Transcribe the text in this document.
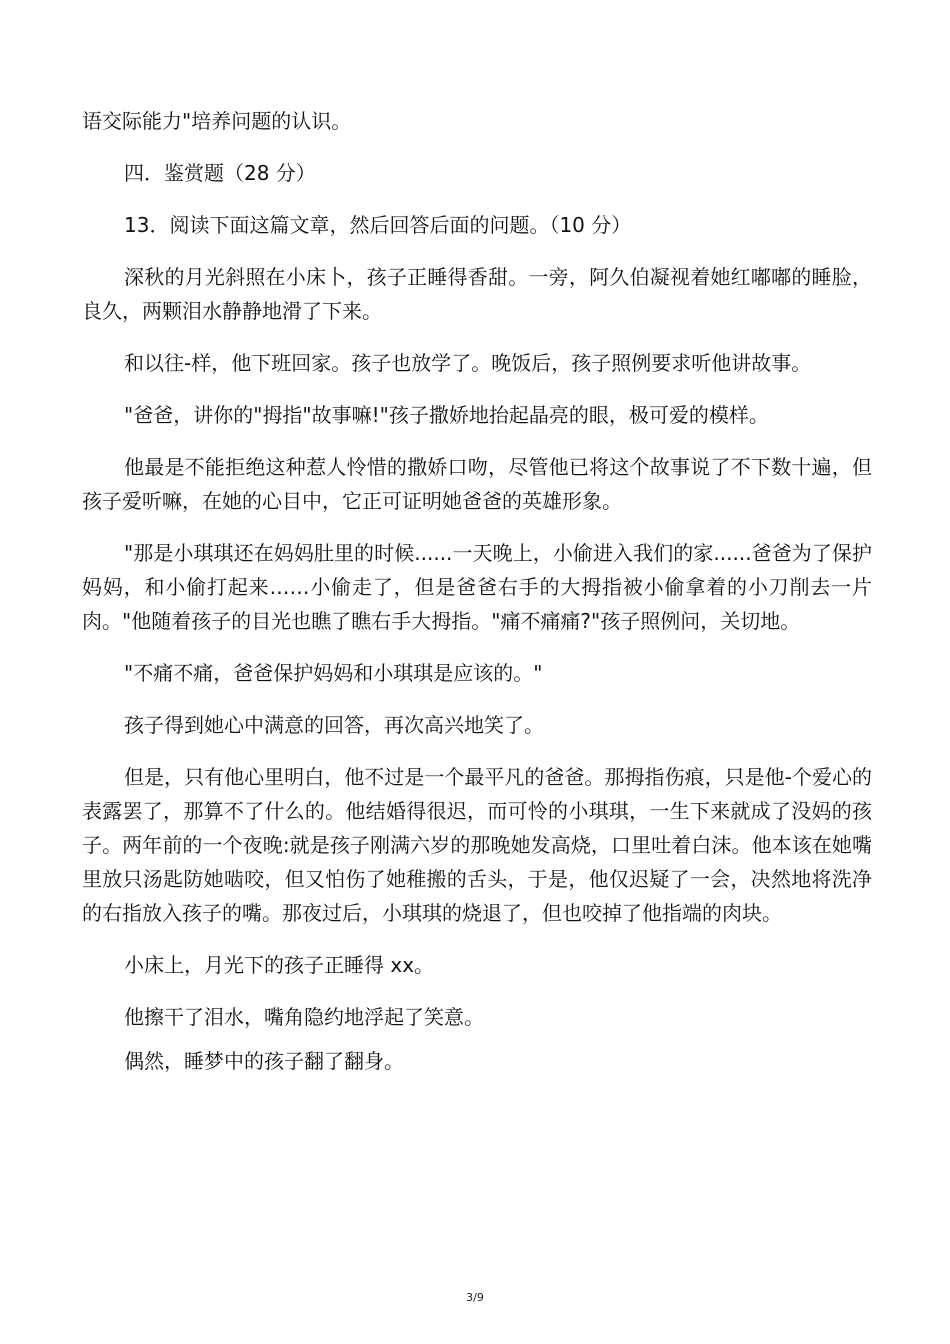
语交际能力"培养问题的认识。

四．鉴赏题（28 分）

13．阅读下面这篇文章，然后回答后面的问题。（10 分）

深秋的月光斜照在小床卜，孩子正睡得香甜。一旁，阿久伯凝视着她红嘟嘟的睡脸，良久，两颗泪水静静地滑了下来。

和以往-样，他下班回家。孩子也放学了。晚饭后，孩子照例要求听他讲故事。

"爸爸，讲你的"拇指"故事嘛!"孩子撒娇地抬起晶亮的眼，极可爱的模样。

他最是不能拒绝这种惹人怜惜的撒娇口吻，尽管他已将这个故事说了不下数十遍，但孩子爱听嘛，在她的心目中，它正可证明她爸爸的英雄形象。

"那是小琪琪还在妈妈肚里的时候......一天晚上，小偷进入我们的家......爸爸为了保护妈妈，和小偷打起来……小偷走了，但是爸爸右手的大拇指被小偷拿着的小刀削去一片肉。"他随着孩子的目光也瞧了瞧右手大拇指。"痛不痛痛?"孩子照例问，关切地。

"不痛不痛，爸爸保护妈妈和小琪琪是应该的。"

孩子得到她心中满意的回答，再次高兴地笑了。

但是，只有他心里明白，他不过是一个最平凡的爸爸。那拇指伤痕，只是他-个爱心的表露罢了，那算不了什么的。他结婚得很迟，而可怜的小琪琪，一生下来就成了没妈的孩子。两年前的一个夜晚:就是孩子刚满六岁的那晚她发高烧，口里吐着白沫。他本该在她嘴里放只汤匙防她啮咬，但又怕伤了她稚搬的舌头，于是，他仅迟疑了一会，决然地将洗净的右指放入孩子的嘴。那夜过后，小琪琪的烧退了，但也咬掉了他指端的肉块。

小床上，月光下的孩子正睡得 xx。

他擦干了泪水，嘴角隐约地浮起了笑意。

偶然，睡梦中的孩子翻了翻身。

3/9
